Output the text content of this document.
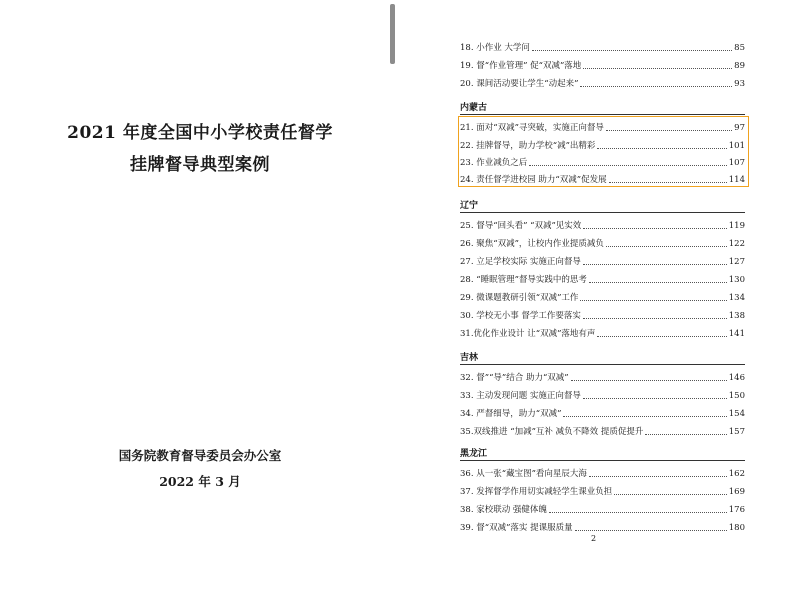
2021 年度全国中小学校责任督学
挂牌督导典型案例
国务院教育督导委员会办公室
2022 年 3 月
18. 小作业 大学问	85
19. 督“作业管理” 促“双减”落地	89
20. 课间活动要让学生“动起来”	93
内蒙古
21. 面对“双减”寻突破，实施正向督导	97
22. 挂牌督导，助力学校“减”出精彩	101
23. 作业减负之后	107
24. 责任督学进校园 助力“双减”促发展	114
辽宁
25. 督导“回头看” “双减”见实效	119
26. 聚焦“双减”，让校内作业提质减负	122
27. 立足学校实际 实施正向督导	127
28. “睡眠管理”督导实践中的思考	130
29. 微课题教研引领“双减”工作	134
30. 学校无小事 督学工作要落实	138
31.优化作业设计 让“双减”落地有声	141
吉林
32. 督”“导”结合 助力“双减”	146
33. 主动发现问题 实施正向督导	150
34. 严督细导，助力“双减”	154
35.双线推进 “加减”互补 减负不降效 提质促提升	157
黑龙江
36. 从一张“藏宝图”看向星辰大海	162
37. 发挥督学作用切实减轻学生课业负担	169
38. 家校联动 强健体魄	176
39. 督“双减”落实 提课服质量	180
2
